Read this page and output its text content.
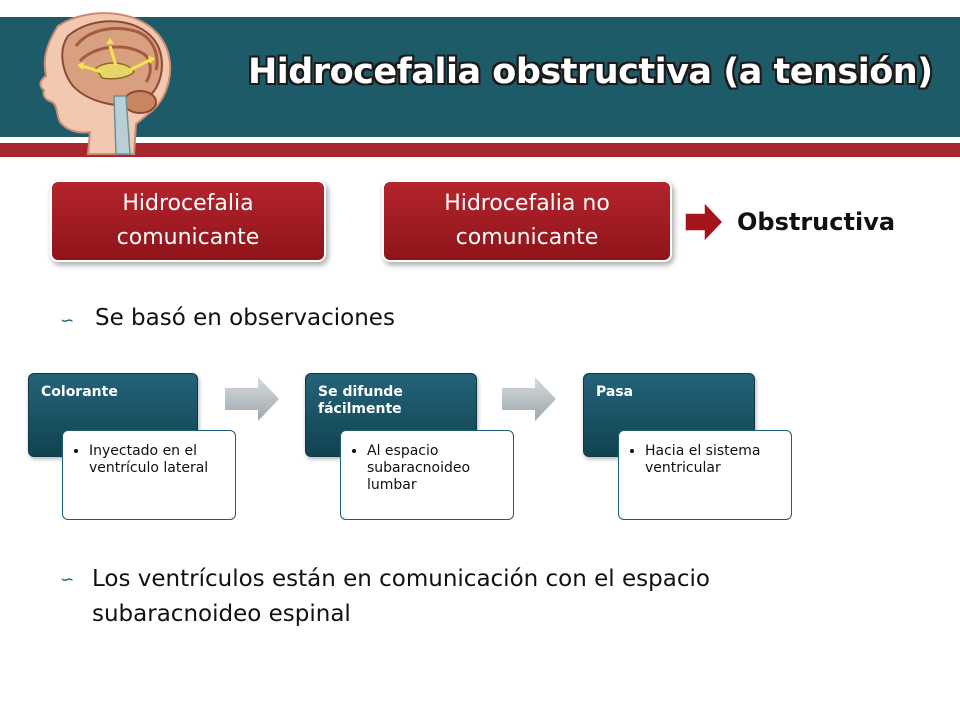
Hidrocefalia obstructiva (a tensión)
Hidrocefalia
comunicante
Hidrocefalia no
comunicante
Obstructiva
∽ Se basó en observaciones
Colorante
• Inyectado en el ventrículo lateral
Se difunde fácilmente
• Al espacio subaracnoideo lumbar
Pasa
• Hacia el sistema ventricular
∽ Los ventrículos están en comunicación con el espacio
subaracnoideo espinal
